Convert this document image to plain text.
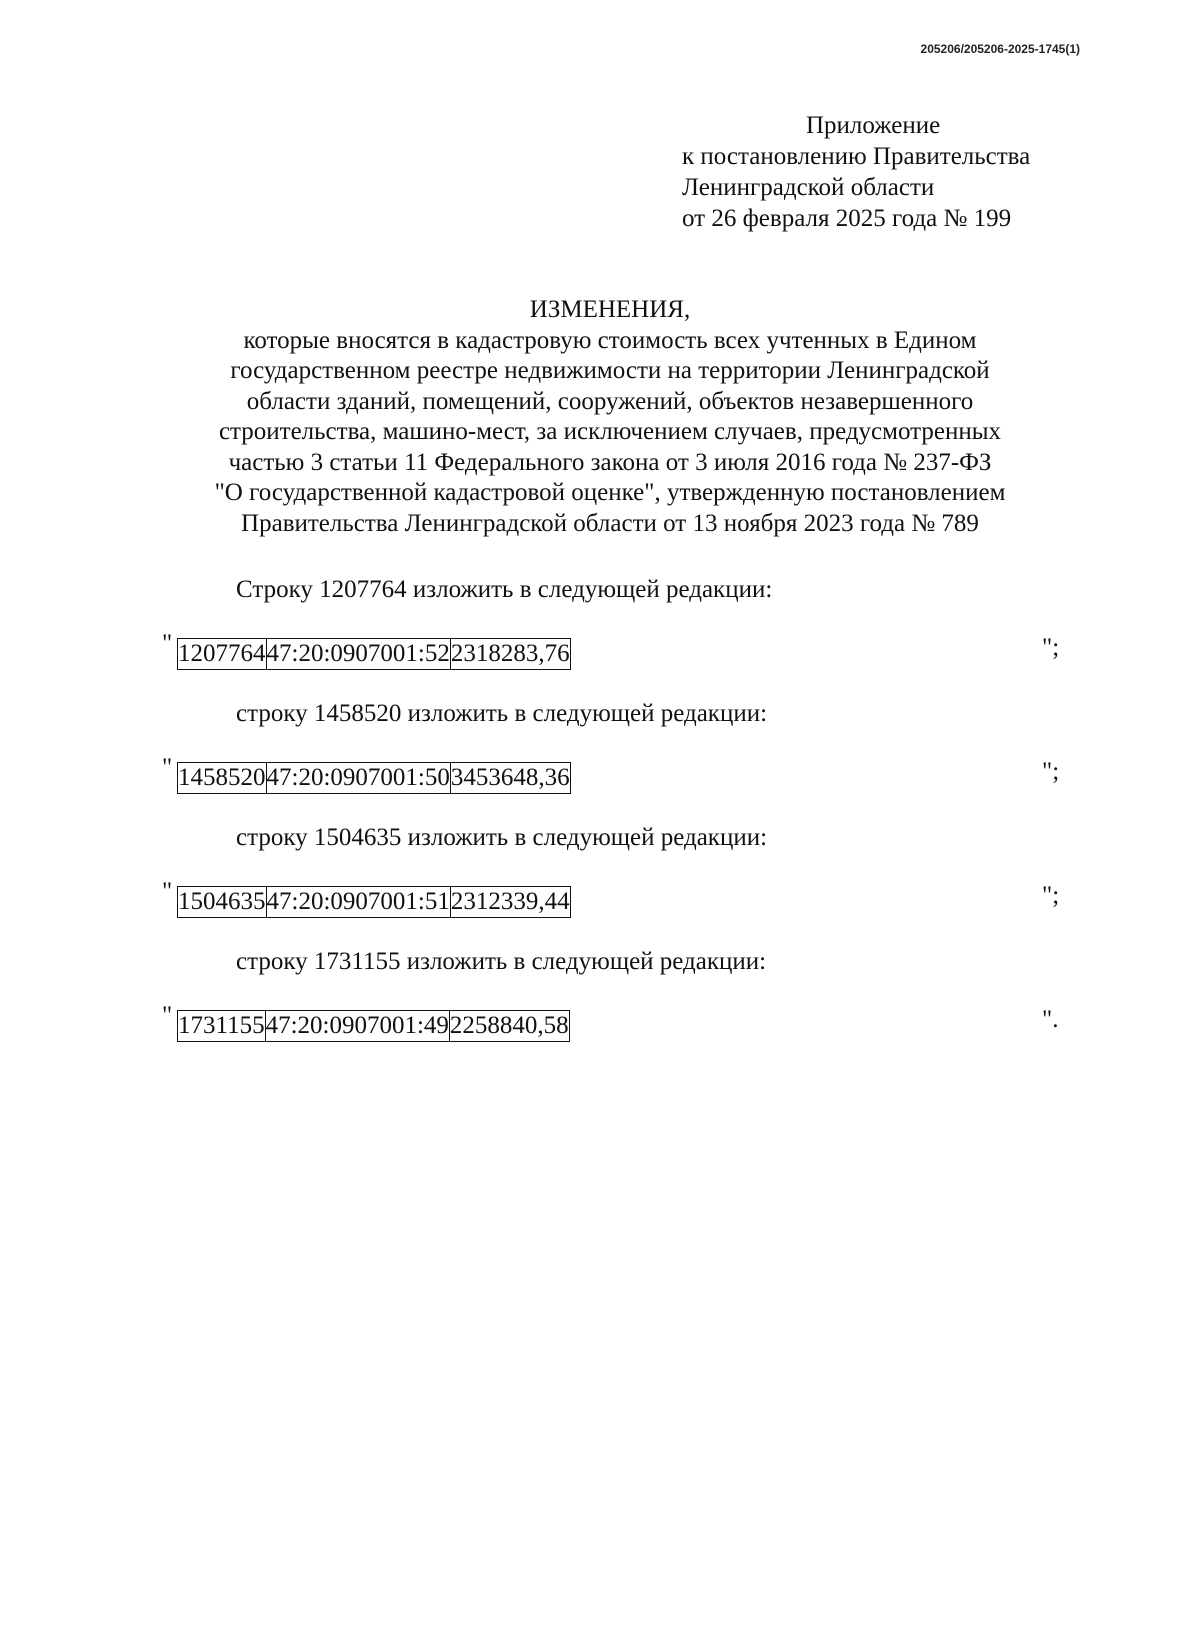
205206/205206-2025-1745(1)
Приложение
к постановлению Правительства
Ленинградской области
от 26 февраля 2025 года № 199
ИЗМЕНЕНИЯ,
которые вносятся в кадастровую стоимость всех учтенных в Едином
государственном реестре недвижимости на территории Ленинградской
области зданий, помещений, сооружений, объектов незавершенного
строительства, машино-мест, за исключением случаев, предусмотренных
частью 3 статьи 11 Федерального закона от 3 июля 2016 года № 237-ФЗ
"О государственной кадастровой оценке", утвержденную постановлением
Правительства Ленинградской области от 13 ноября 2023 года № 789
Строку 1207764 изложить в следующей редакции:
" 1207764	47:20:0907001:52	2318283,76	";
строку 1458520 изложить в следующей редакции:
" 1458520	47:20:0907001:50	3453648,36	";
строку 1504635 изложить в следующей редакции:
" 1504635	47:20:0907001:51	2312339,44	";
строку 1731155 изложить в следующей редакции:
" 1731155	47:20:0907001:49	2258840,58	".
